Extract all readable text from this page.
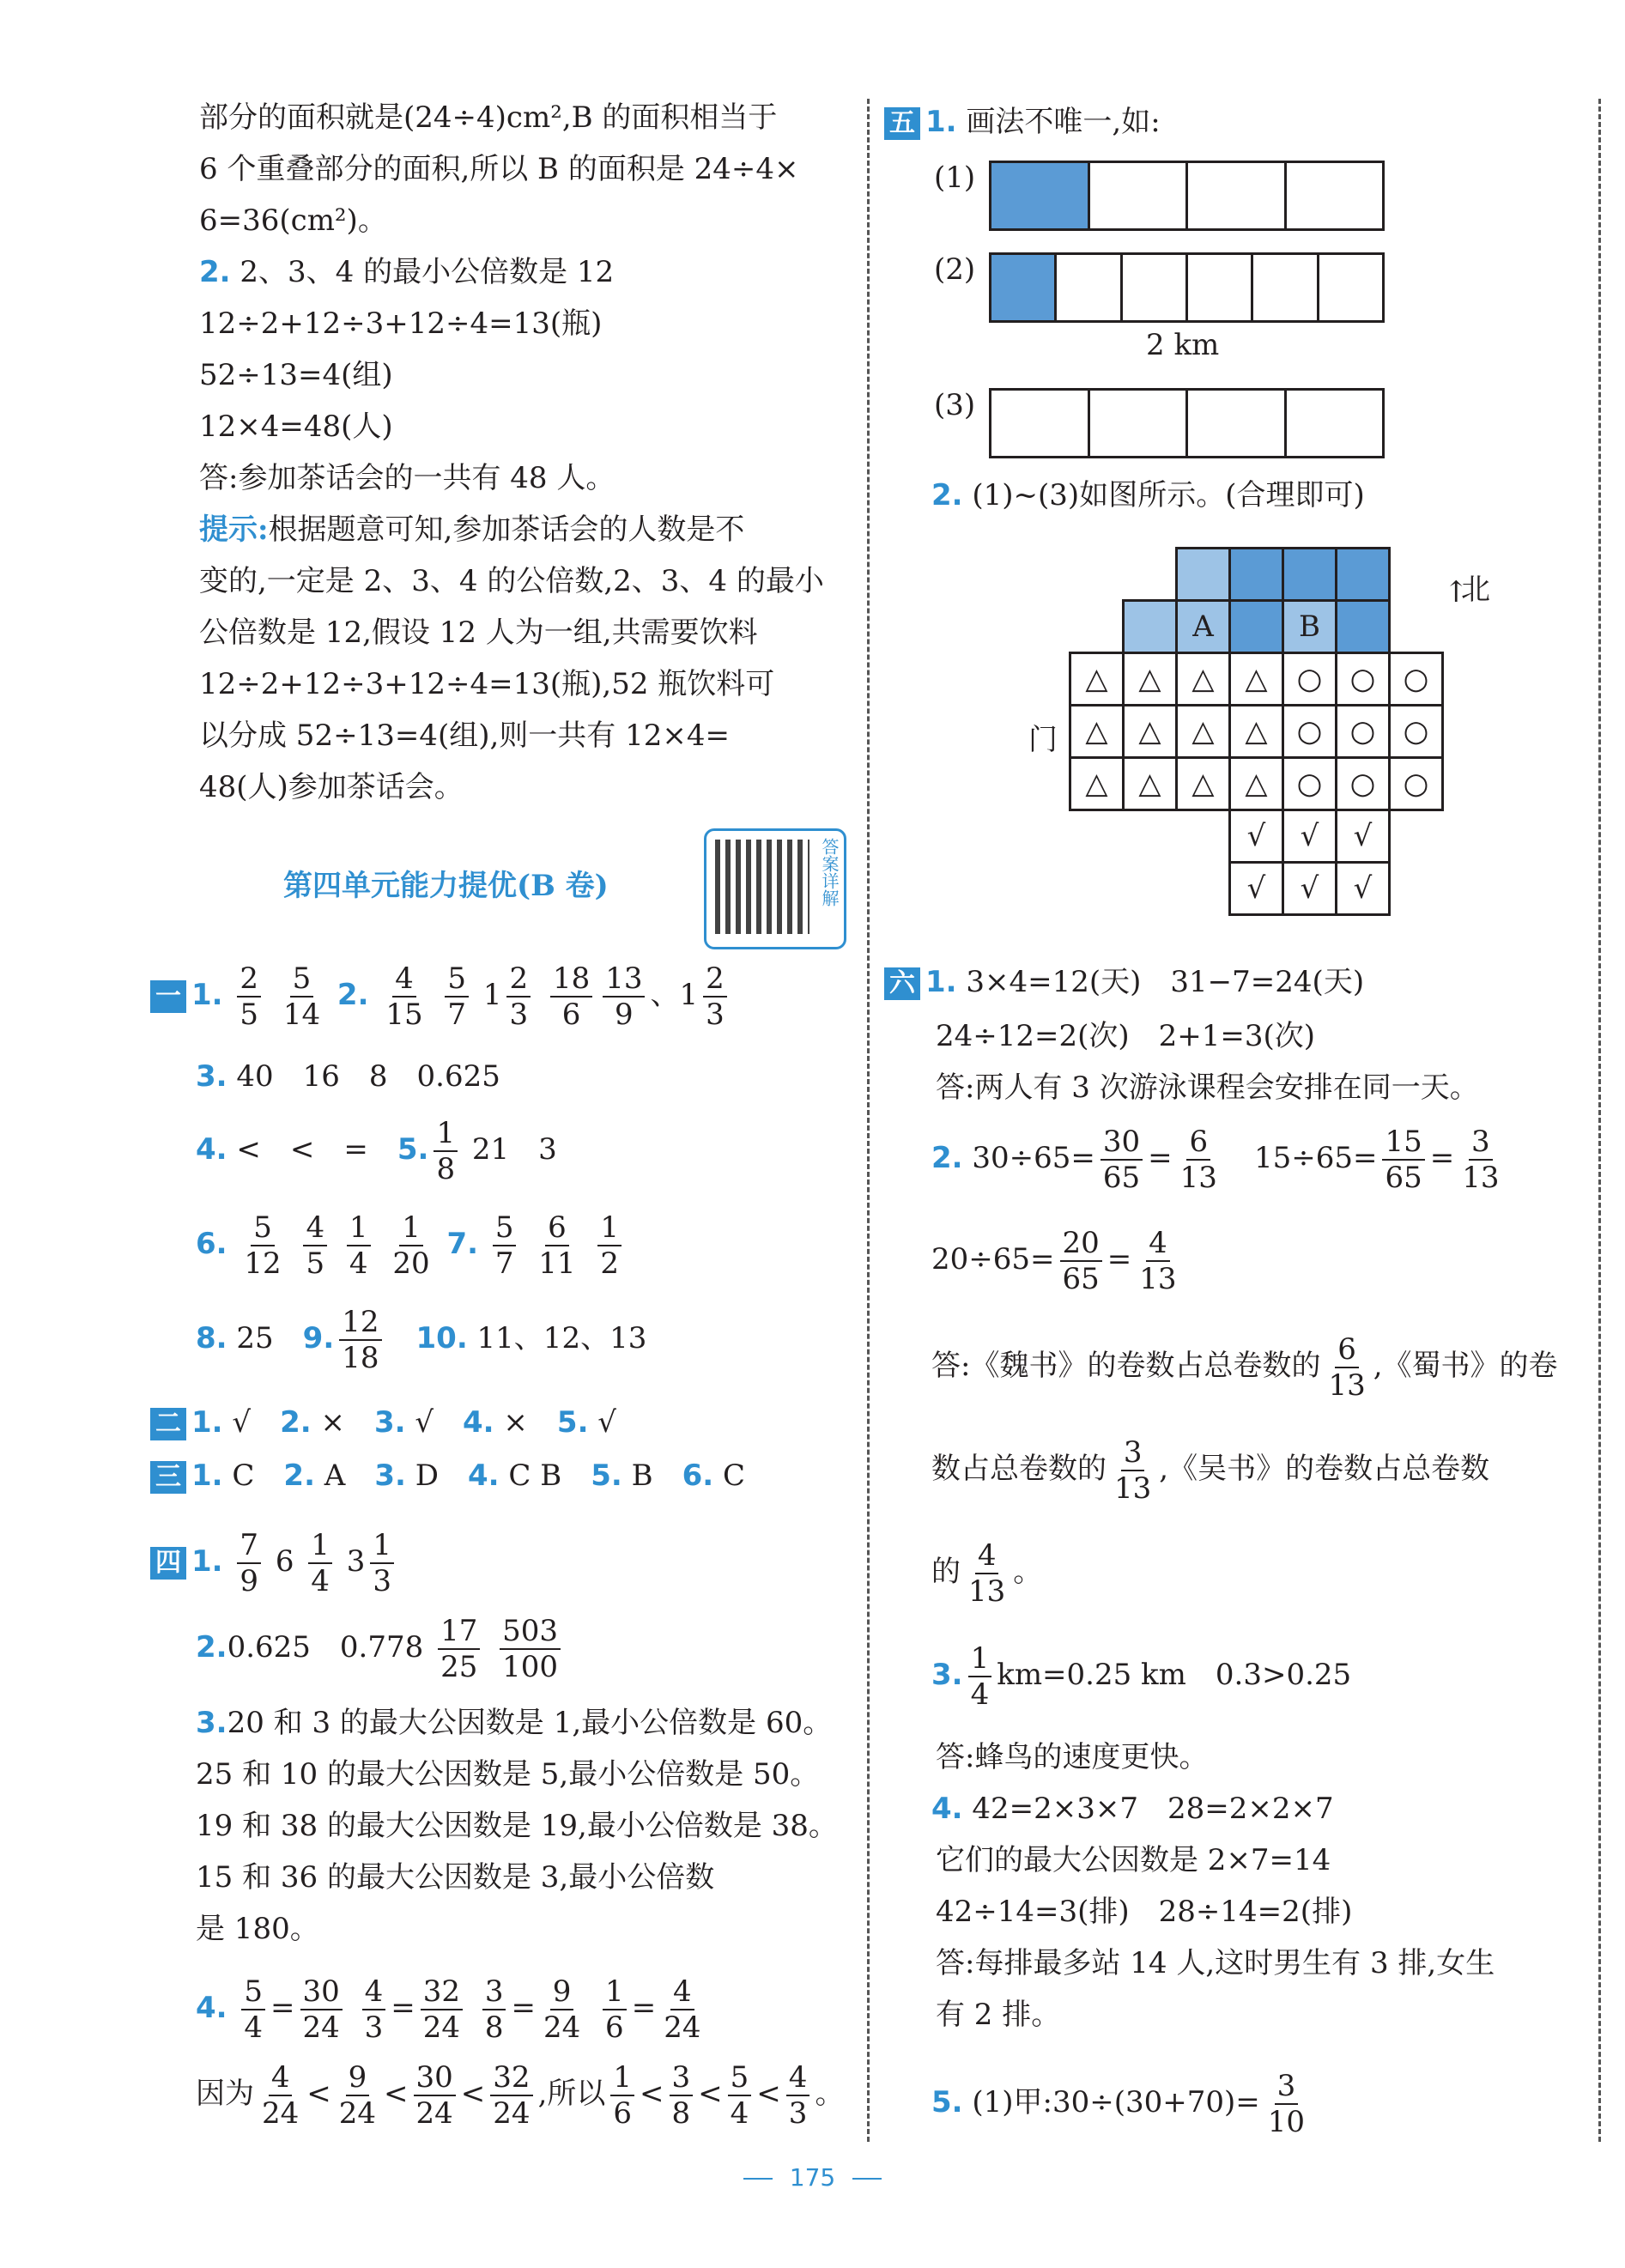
部分的面积就是(24÷4)cm²,B 的面积相当于
6 个重叠部分的面积,所以 B 的面积是 24÷4×
6=36(cm²)。
2. 2、3、4 的最小公倍数是 12
12÷2+12÷3+12÷4=13(瓶)
52÷13=4(组)
12×4=48(人)
答:参加茶话会的一共有 48 人。
提示:根据题意可知,参加茶话会的人数是不
变的,一定是 2、3、4 的公倍数,2、3、4 的最小
公倍数是 12,假设 12 人为一组,共需要饮料
12÷2+12÷3+12÷4=13(瓶),52 瓶饮料可
以分成 52÷13=4(组),则一共有 12×4=
48(人)参加茶话会。
第四单元能力提优(B 卷)	答案详解
一 1. $\frac{2}{5}$
$\frac{5}{14} 2$. $\frac{4}{15}$
$\frac{5}{7} 1 \frac{2}{3}$
$\frac{18}{6} \frac{13}{9}$ 、$1 \frac{2}{3}$
3. 40　16　8　0.625
4. <　<　=　 5. $\frac{1}{8} 21$　3
6. $\frac{5}{12}$
$\frac{4}{5}$
$\frac{1}{4}$
$\frac{1}{20} 7$. $\frac{5}{7}$
$\frac{6}{11}$
$\frac{1}{2}$
8. 25　 9. $\frac{12}{18}$
　 10. 11、12、13
二 1. √　 2. ×　 3. √　 4. ×　 5. √
三 1. C　 2. A　 3. D　 4. C B　 5. B　 6. C
四 1. $\frac{7}{9} 6 \frac{1}{4} 3 \frac{1}{3}$
2.0.625　$0.778 \frac{17}{25}$
$\frac{503}{100}$
3.20 和 3 的最大公因数是 1,最小公倍数是 60。
25 和 10 的最大公因数是 5,最小公倍数是 50。
19 和 38 的最大公因数是 19,最小公倍数是 38。
15 和 36 的最大公因数是 3,最小公倍数
是 180。
4. $\frac{5}{4} = \frac{30}{24}$
$\frac{4}{3} = \frac{32}{24}$
$\frac{3}{8} = \frac{9}{24}$
$\frac{1}{6} = \frac{4}{24}$
因为 $\frac{4}{24} < \frac{9}{24} < \frac{30}{24} < \frac{32}{24}$ ,所以 $\frac{1}{6} < \frac{3}{8} < \frac{5}{4} < \frac{4}{3}$ 。
五 1. 画法不唯一,如:
(1)
(2)
2 km
(3)
2. (1)~(3)如图所示。(合理即可)
A	B
△	△	△	△	○ ○ ○
△	△	△	△	○ ○ ○
△	△	△	△	○ ○ ○
√	√	√
√	√	√
↑
北
门
六 1. 3×4=12(天)　31−7=24(天)
24÷12=2(次)　2+1=3(次)
答:两人有 3 次游泳课程会安排在同一天。
2. $30\div 65= \frac{30}{65} = \frac{6}{13}$
　 $15\div 65= \frac{15}{65} = \frac{3}{13}$
$20\div 65= \frac{20}{65} = \frac{4}{13}$
答:《魏书》的卷数占总卷数的 $\frac{6}{13}$ ,《蜀书》的卷
数占总卷数的 $\frac{3}{13}$ ,《吴书》的卷数占总卷数
的 $\frac{4}{13}$ 。
3. $\frac{1}{4} km=0.25$ km　0.3>0.25
答:蜂鸟的速度更快。
4. 42=2×3×7　28=2×2×7
它们的最大公因数是 2×7=14
42÷14=3(排)　28÷14=2(排)
答:每排最多站 14 人,这时男生有 3 排,女生
有 2 排。
5. (1)甲:30÷(30+70)= $\frac{3}{10}$
175
